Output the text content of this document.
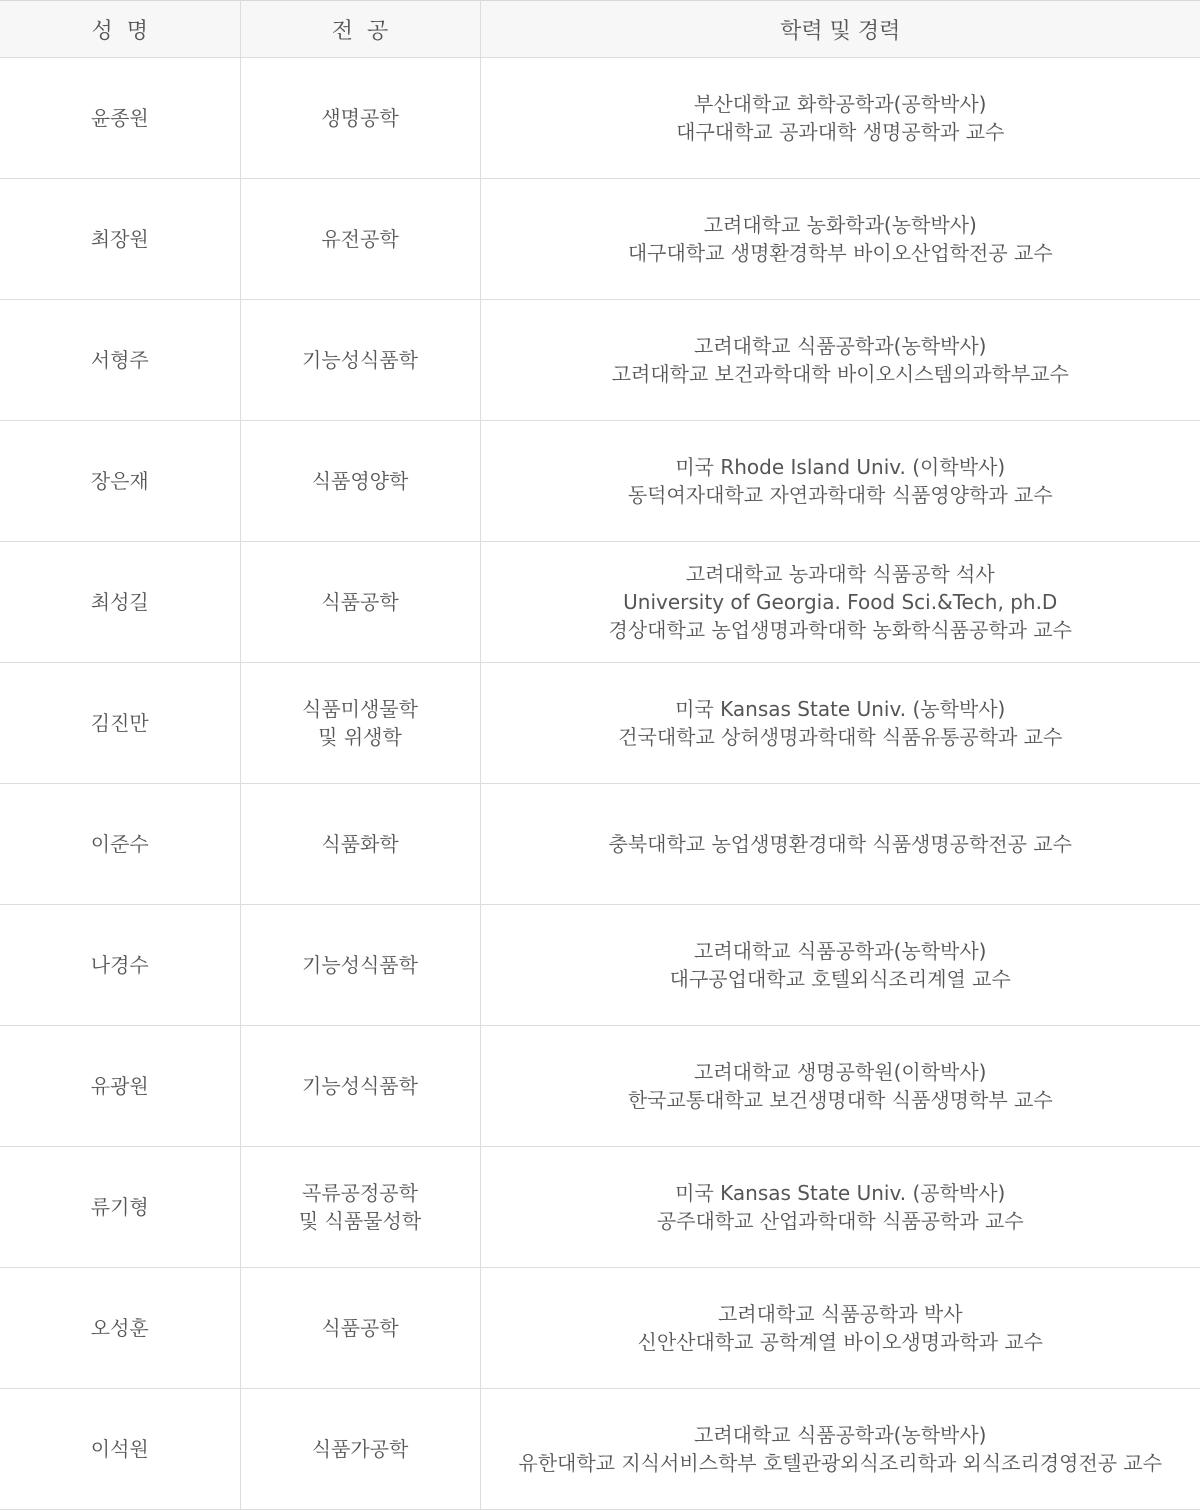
성  명	전  공	학력 및 경력
윤종원	생명공학	부산대학교 화학공학과(공학박사)
대구대학교 공과대학 생명공학과 교수

최장원	유전공학	고려대학교 농화학과(농학박사)
대구대학교 생명환경학부 바이오산업학전공 교수

서형주	기능성식품학	고려대학교 식품공학과(농학박사)
고려대학교 보건과학대학 바이오시스템의과학부교수

장은재	식품영양학	미국 Rhode Island Univ. (이학박사)
동덕여자대학교 자연과학대학 식품영양학과 교수

최성길	식품공학	고려대학교 농과대학 식품공학 석사
University of Georgia. Food Sci.&Tech, ph.D
경상대학교 농업생명과학대학 농화학식품공학과 교수

김진만	식품미생물학
및 위생학	미국 Kansas State Univ. (농학박사)
건국대학교 상허생명과학대학 식품유통공학과 교수

이준수	식품화학	충북대학교 농업생명환경대학 식품생명공학전공 교수

나경수	기능성식품학	고려대학교 식품공학과(농학박사)
대구공업대학교 호텔외식조리계열 교수

유광원	기능성식품학	고려대학교 생명공학원(이학박사)
한국교통대학교 보건생명대학 식품생명학부 교수

류기형	곡류공정공학
및 식품물성학	미국 Kansas State Univ. (공학박사)
공주대학교 산업과학대학 식품공학과 교수

오성훈	식품공학	고려대학교 식품공학과 박사
신안산대학교 공학계열 바이오생명과학과 교수

이석원	식품가공학	고려대학교 식품공학과(농학박사)
유한대학교 지식서비스학부 호텔관광외식조리학과 외식조리경영전공 교수
